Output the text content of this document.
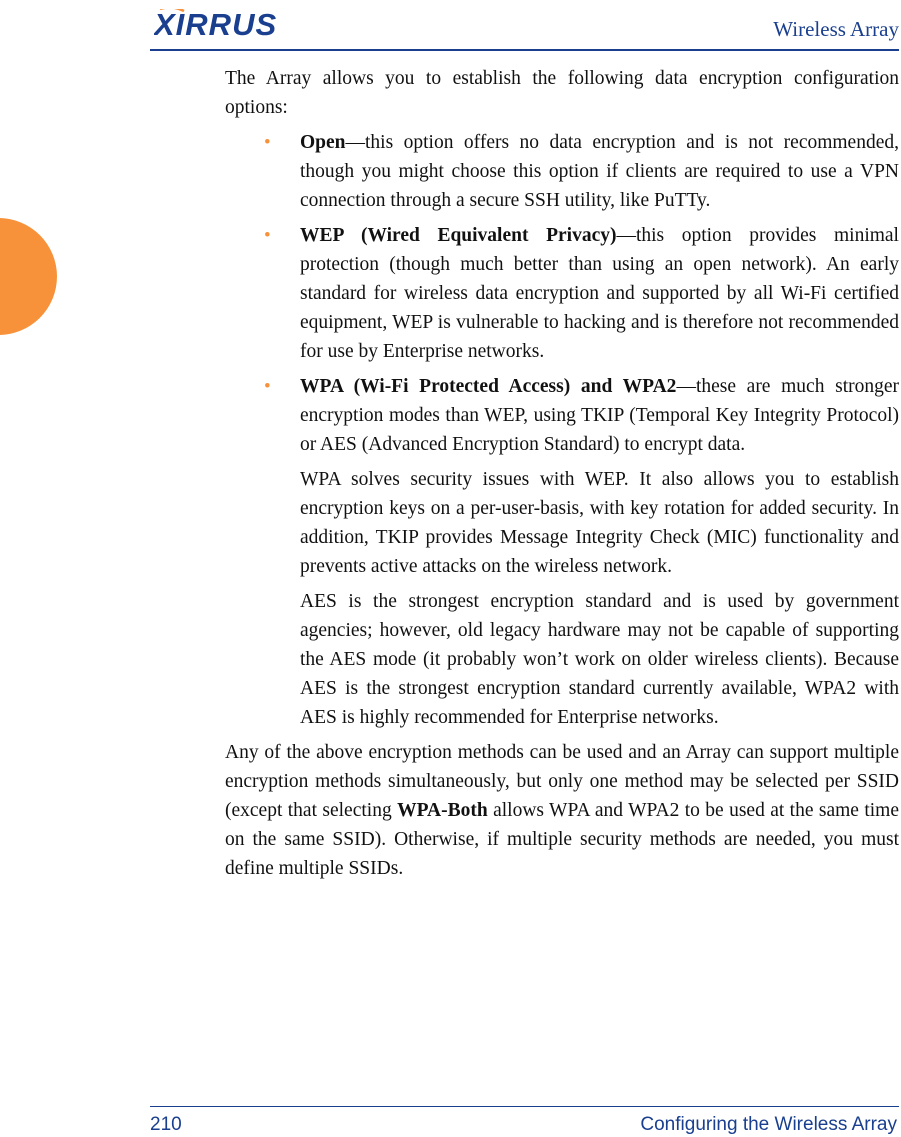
XIRRUS	Wireless Array

The Array allows you to establish the following data encryption configuration options:

• Open—this option offers no data encryption and is not recommended, though you might choose this option if clients are required to use a VPN connection through a secure SSH utility, like PuTTy.
• WEP (Wired Equivalent Privacy)—this option provides minimal protection (though much better than using an open network). An early standard for wireless data encryption and supported by all Wi-Fi certified equipment, WEP is vulnerable to hacking and is therefore not recommended for use by Enterprise networks.
• WPA (Wi-Fi Protected Access) and WPA2—these are much stronger encryption modes than WEP, using TKIP (Temporal Key Integrity Protocol) or AES (Advanced Encryption Standard) to encrypt data.

WPA solves security issues with WEP. It also allows you to establish encryption keys on a per-user-basis, with key rotation for added security. In addition, TKIP provides Message Integrity Check (MIC) functionality and prevents active attacks on the wireless network.

AES is the strongest encryption standard and is used by government agencies; however, old legacy hardware may not be capable of supporting the AES mode (it probably won’t work on older wireless clients). Because AES is the strongest encryption standard currently available, WPA2 with AES is highly recommended for Enterprise networks.

Any of the above encryption methods can be used and an Array can support multiple encryption methods simultaneously, but only one method may be selected per SSID (except that selecting WPA-Both allows WPA and WPA2 to be used at the same time on the same SSID). Otherwise, if multiple security methods are needed, you must define multiple SSIDs.

210	Configuring the Wireless Array
